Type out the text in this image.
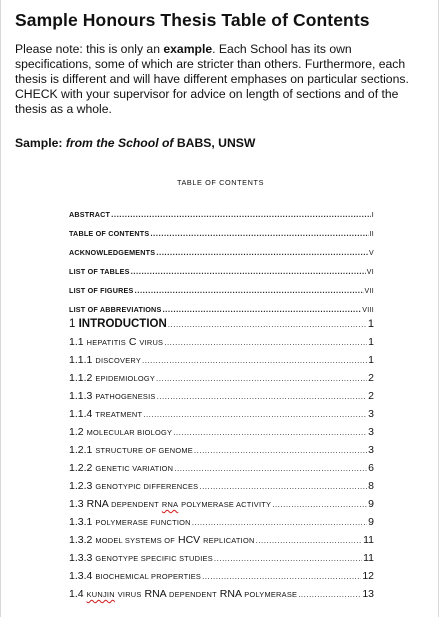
Sample Honours Thesis Table of Contents

Please note: this is only an example. Each School has its own specifications, some of which are stricter than others. Furthermore, each thesis is different and will have different emphases on particular sections. CHECK with your supervisor for advice on length of sections and of the thesis as a whole.

Sample: from the School of BABS, UNSW

TABLE OF CONTENTS
ABSTRACT .....	I
TABLE OF CONTENTS .....	II
ACKNOWLEDGEMENTS .....	V
LIST OF TABLES .....	VI
LIST OF FIGURES .....	VII
LIST OF ABBREVIATIONS .....	VIII
1 INTRODUCTION .....	1
1.1 HEPATITIS C VIRUS .....	1
1.1.1 DISCOVERY .....	1
1.1.2 EPIDEMIOLOGY .....	2
1.1.3 PATHOGENESIS .....	2
1.1.4 TREATMENT .....	3
1.2 MOLECULAR BIOLOGY .....	3
1.2.1 STRUCTURE OF GENOME .....	3
1.2.2 GENETIC VARIATION .....	6
1.2.3 GENOTYPIC DIFFERENCES .....	8
1.3 RNA DEPENDENT RNA POLYMERASE ACTIVITY .....	9
1.3.1 POLYMERASE FUNCTION .....	9
1.3.2 MODEL SYSTEMS OF HCV REPLICATION .....	11
1.3.3 GENOTYPE SPECIFIC STUDIES .....	11
1.3.4 BIOCHEMICAL PROPERTIES .....	12
1.4 KUNJIN VIRUS RNA DEPENDENT RNA POLYMERASE .....	13
